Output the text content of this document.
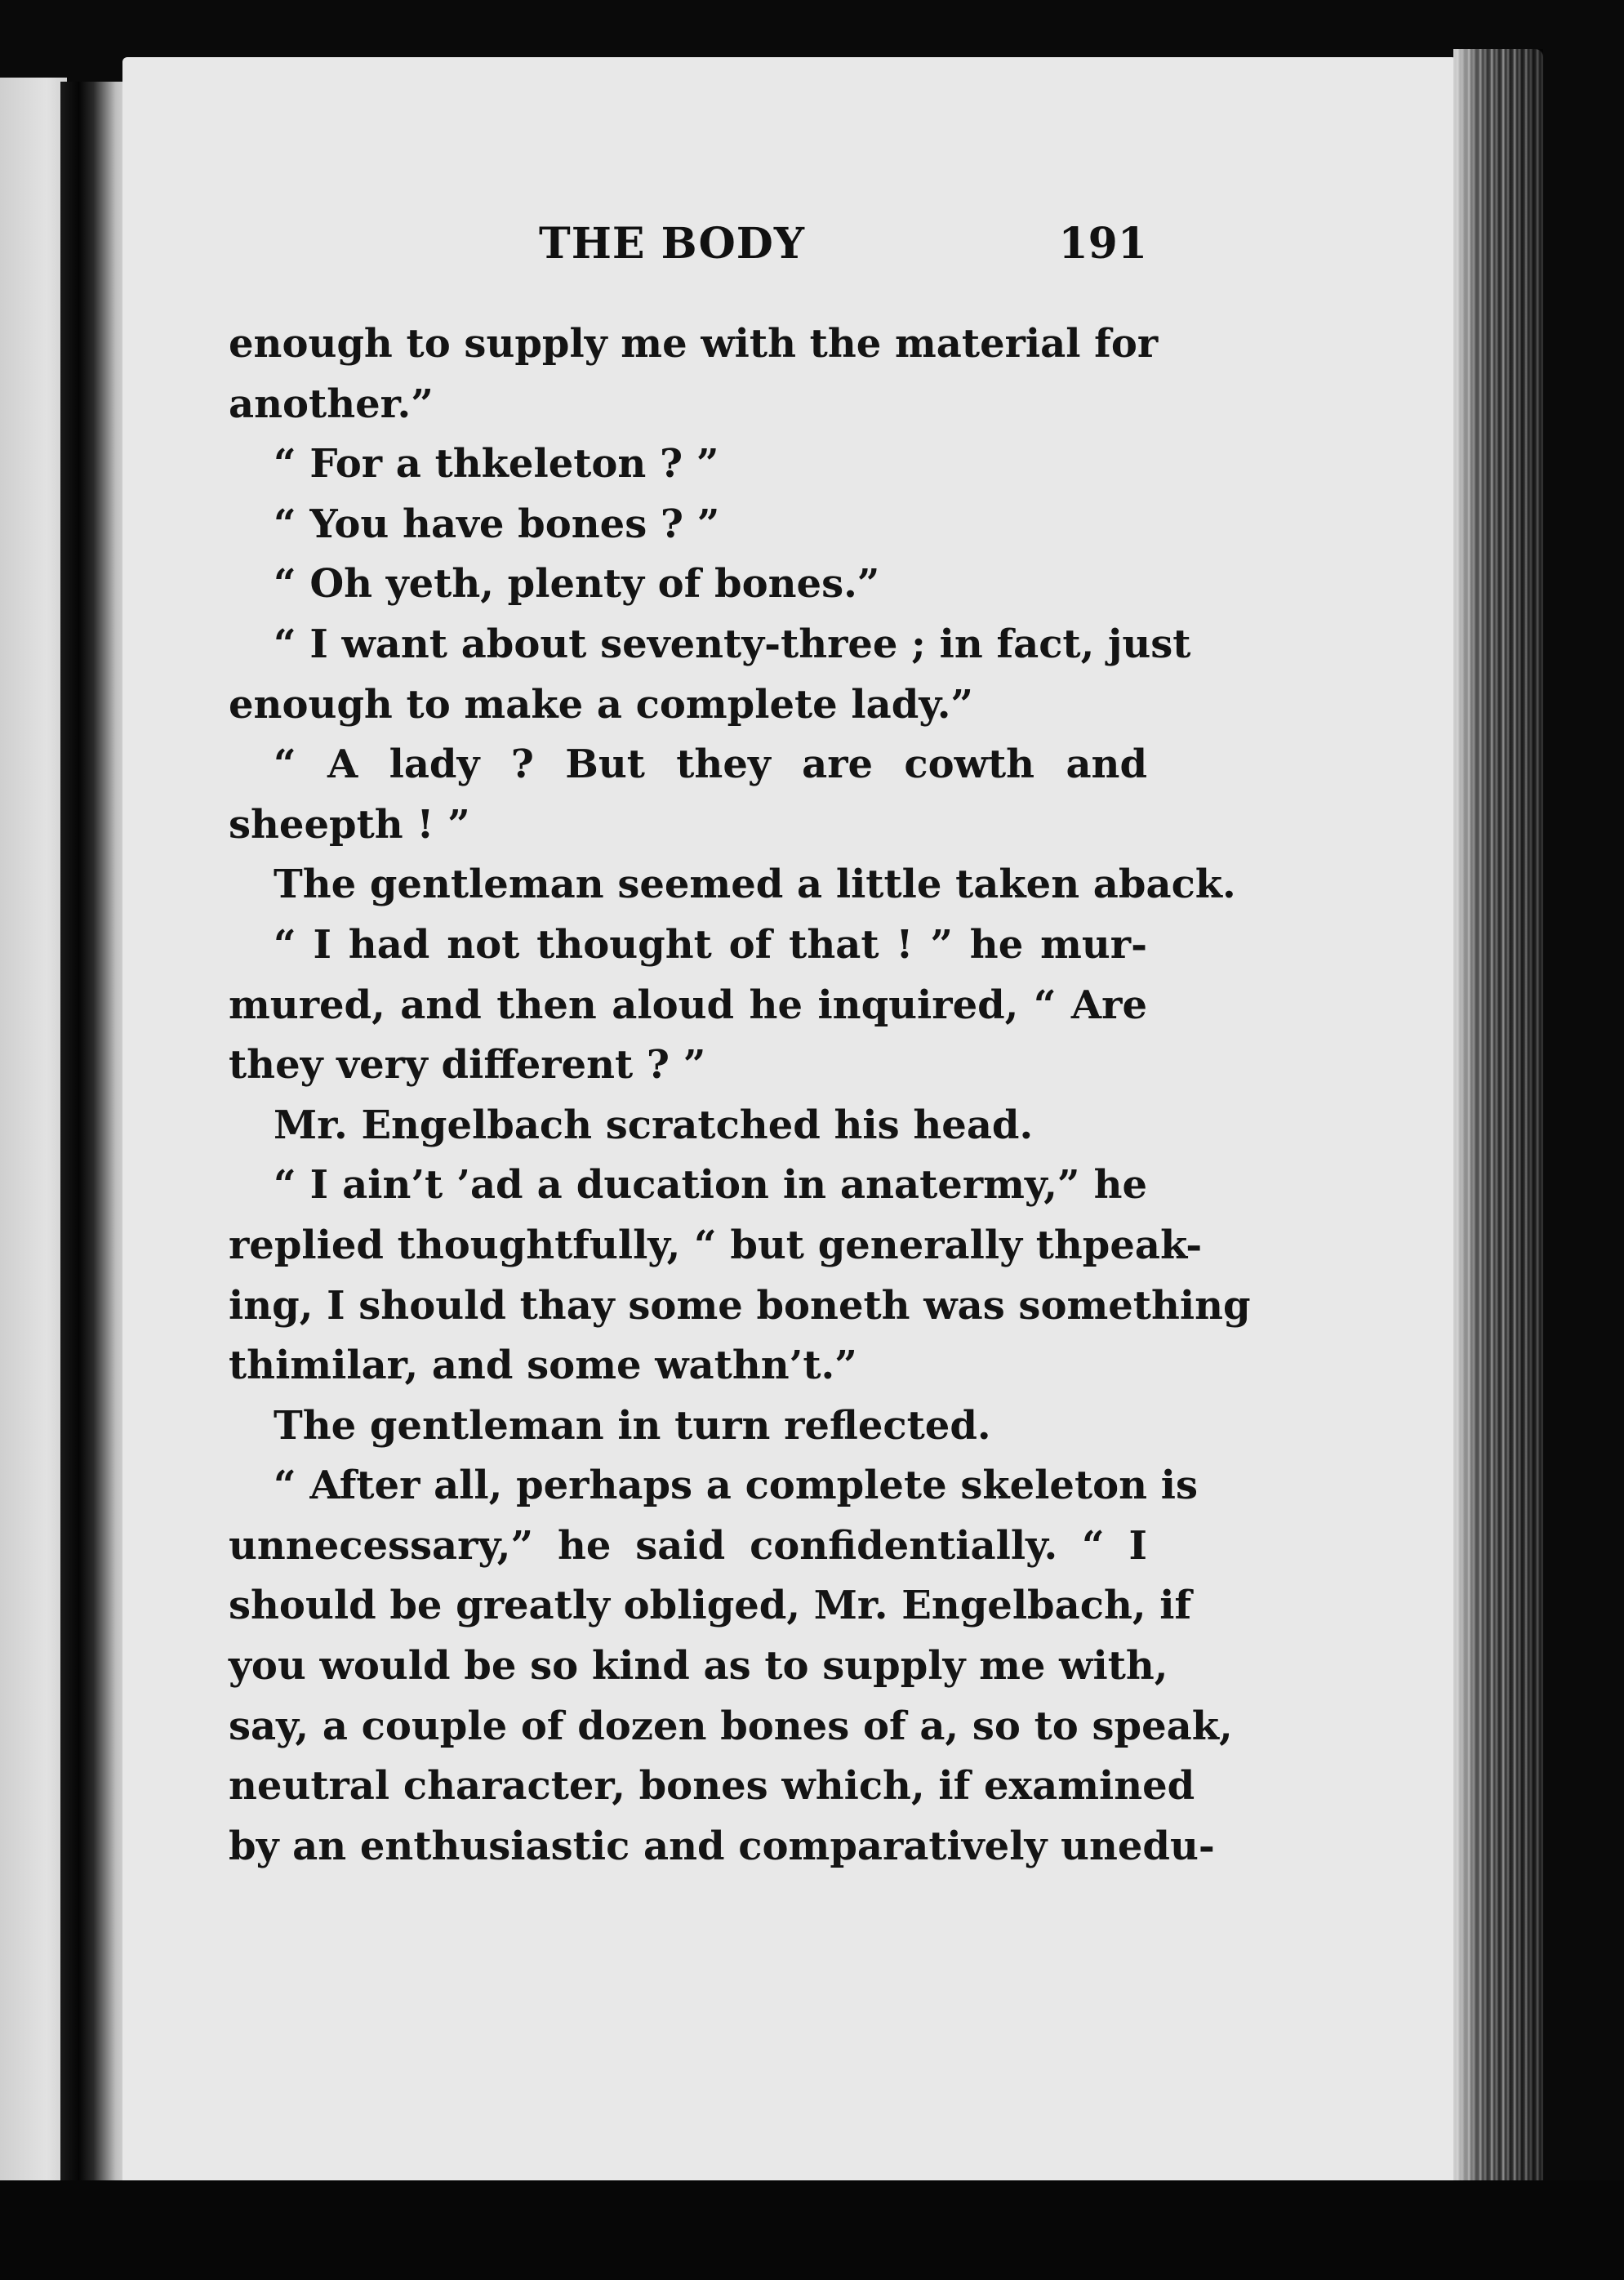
THE BODY	191
enough to supply me with the material for
another.”
“ For a thkeleton ? ”
“ You have bones ? ”
“ Oh yeth, plenty of bones.”
“ I want about seventy-three ; in fact, just
enough to make a complete lady.”
“ A lady ? But they are cowth and
sheepth ! ”
The gentleman seemed a little taken aback.
“ I had not thought of that ! ” he mur-
mured, and then aloud he inquired, “ Are
they very different ? ”
Mr. Engelbach scratched his head.
“ I ain’t ’ad a ducation in anatermy,” he
replied thoughtfully, “ but generally thpeak-
ing, I should thay some boneth was something
thimilar, and some wathn’t.”
The gentleman in turn reflected.
“ After all, perhaps a complete skeleton is
unnecessary,” he said confidentially. “ I
should be greatly obliged, Mr. Engelbach, if
you would be so kind as to supply me with,
say, a couple of dozen bones of a, so to speak,
neutral character, bones which, if examined
by an enthusiastic and comparatively unedu-
